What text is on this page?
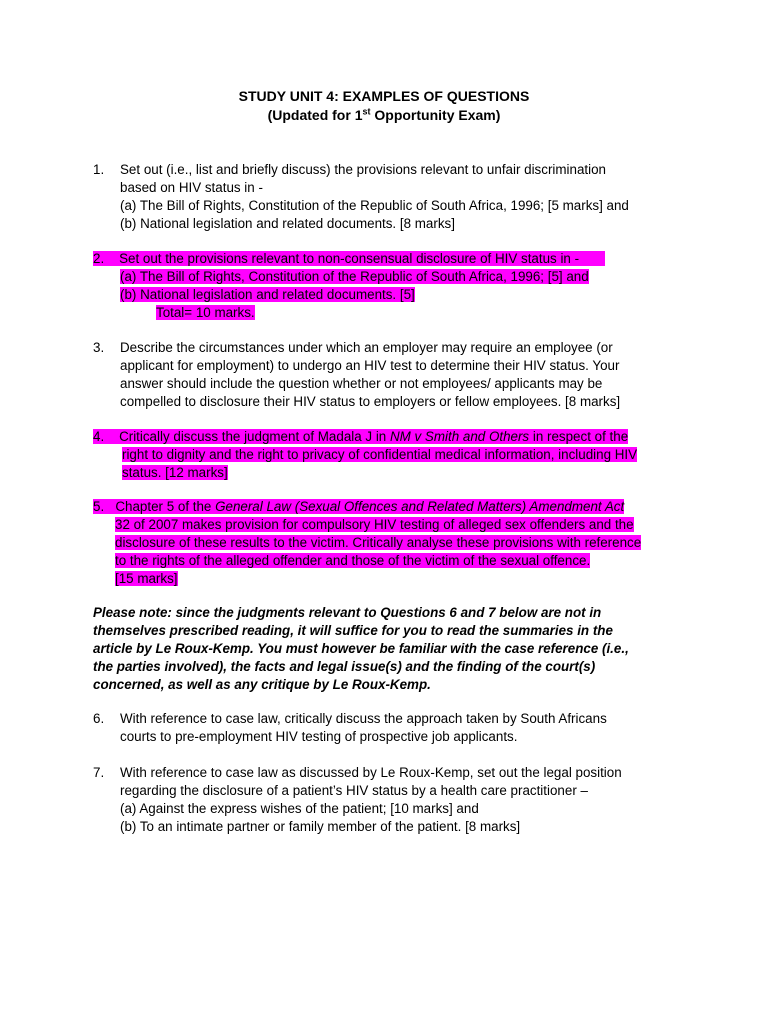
STUDY UNIT 4: EXAMPLES OF QUESTIONS
(Updated for 1st Opportunity Exam)
1. Set out (i.e., list and briefly discuss) the provisions relevant to unfair discrimination
based on HIV status in -
(a) The Bill of Rights, Constitution of the Republic of South Africa, 1996; [5 marks] and
(b) National legislation and related documents. [8 marks]
2. Set out the provisions relevant to non-consensual disclosure of HIV status in -
(a) The Bill of Rights, Constitution of the Republic of South Africa, 1996; [5] and
(b) National legislation and related documents. [5]
Total= 10 marks.
3. Describe the circumstances under which an employer may require an employee (or
applicant for employment) to undergo an HIV test to determine their HIV status. Your
answer should include the question whether or not employees/ applicants may be
compelled to disclosure their HIV status to employers or fellow employees. [8 marks]
4. Critically discuss the judgment of Madala J in NM v Smith and Others in respect of the
right to dignity and the right to privacy of confidential medical information, including HIV
status. [12 marks]
5. Chapter 5 of the General Law (Sexual Offences and Related Matters) Amendment Act
32 of 2007 makes provision for compulsory HIV testing of alleged sex offenders and the
disclosure of these results to the victim. Critically analyse these provisions with reference
to the rights of the alleged offender and those of the victim of the sexual offence.
[15 marks]
Please note: since the judgments relevant to Questions 6 and 7 below are not in
themselves prescribed reading, it will suffice for you to read the summaries in the
article by Le Roux-Kemp. You must however be familiar with the case reference (i.e.,
the parties involved), the facts and legal issue(s) and the finding of the court(s)
concerned, as well as any critique by Le Roux-Kemp.
6. With reference to case law, critically discuss the approach taken by South Africans
courts to pre-employment HIV testing of prospective job applicants.
7. With reference to case law as discussed by Le Roux-Kemp, set out the legal position
regarding the disclosure of a patient’s HIV status by a health care practitioner –
(a) Against the express wishes of the patient; [10 marks] and
(b) To an intimate partner or family member of the patient. [8 marks]
